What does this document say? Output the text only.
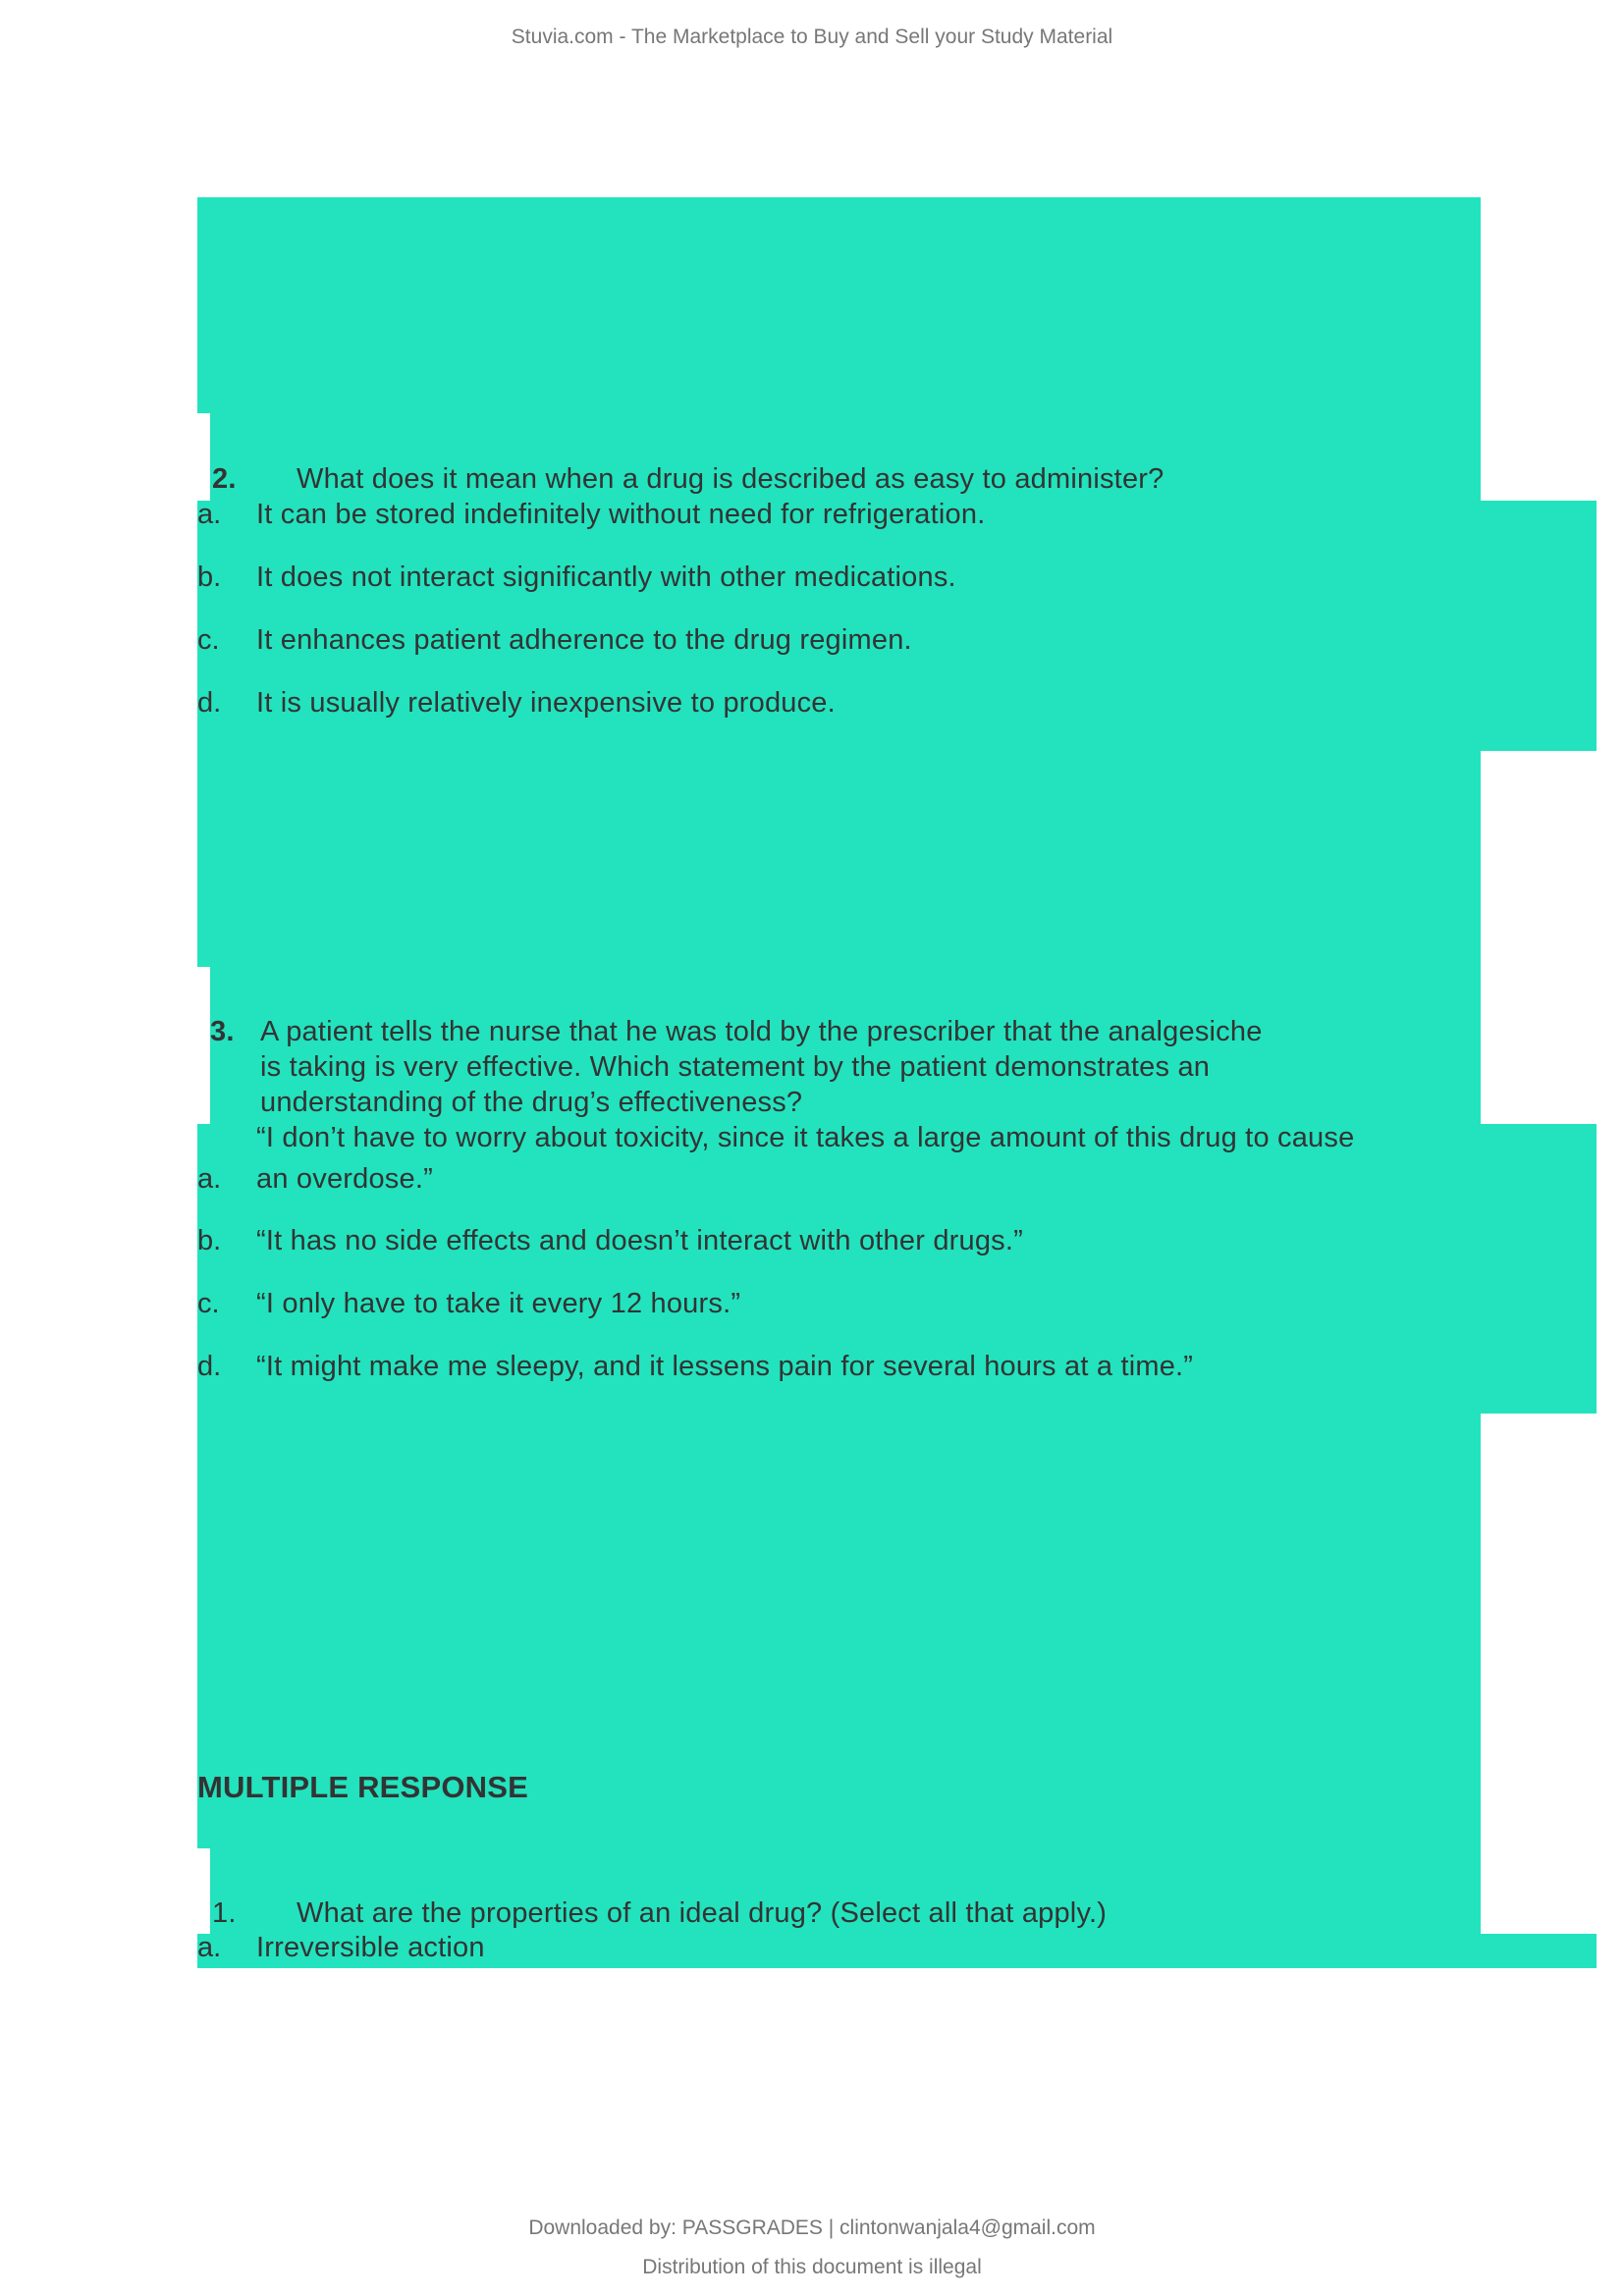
Stuvia.com - The Marketplace to Buy and Sell your Study Material
2. What does it mean when a drug is described as easy to administer?
a. It can be stored indefinitely without need for refrigeration.
b. It does not interact significantly with other medications.
c. It enhances patient adherence to the drug regimen.
d. It is usually relatively inexpensive to produce.
3. A patient tells the nurse that he was told by the prescriber that the analgesiche
is taking is very effective. Which statement by the patient demonstrates an
understanding of the drug’s effectiveness?
“I don’t have to worry about toxicity, since it takes a large amount of this drug to cause
a. an overdose.”
b. “It has no side effects and doesn’t interact with other drugs.”
c. “I only have to take it every 12 hours.”
d. “It might make me sleepy, and it lessens pain for several hours at a time.”
MULTIPLE RESPONSE
1. What are the properties of an ideal drug? (Select all that apply.)
a. Irreversible action
Downloaded by: PASSGRADES | clintonwanjala4@gmail.com
Distribution of this document is illegal
